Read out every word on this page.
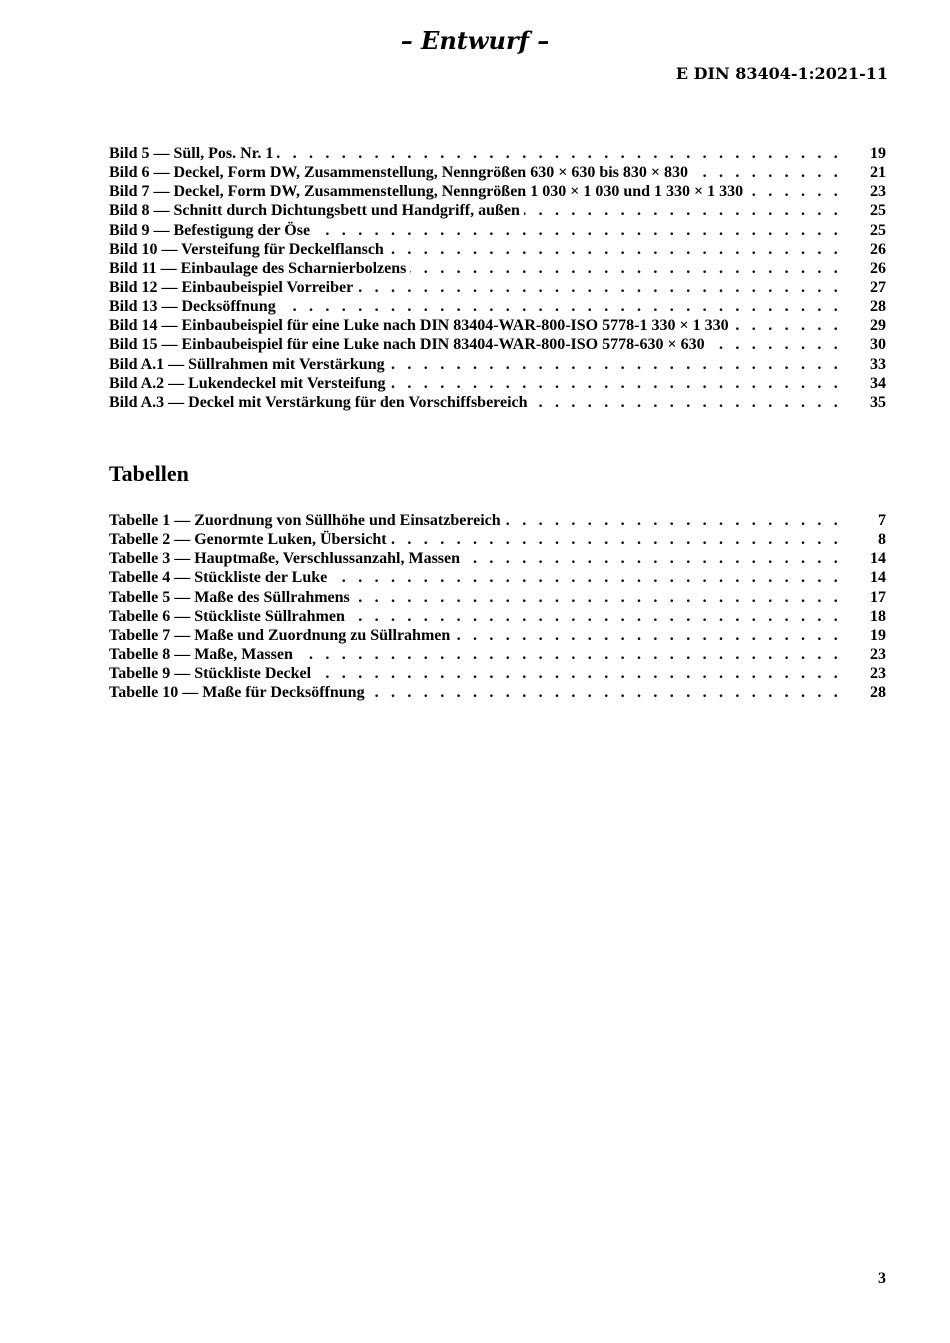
– Entwurf –
E DIN 83404-1:2021-11
Bild 5 — Süll, Pos. Nr. 1 . . .	19
Bild 6 — Deckel, Form DW, Zusammenstellung, Nenngrößen 630 × 630 bis 830 × 830 . . .	21
Bild 7 — Deckel, Form DW, Zusammenstellung, Nenngrößen 1 030 × 1 030 und 1 330 × 1 330 . . .	23
Bild 8 — Schnitt durch Dichtungsbett und Handgriff, außen . . .	25
Bild 9 — Befestigung der Öse . . .	25
Bild 10 — Versteifung für Deckelflansch . . .	26
Bild 11 — Einbaulage des Scharnierbolzens . . .	26
Bild 12 — Einbaubeispiel Vorreiber . . .	27
Bild 13 — Decksöffnung . . .	28
Bild 14 — Einbaubeispiel für eine Luke nach DIN 83404-WAR-800-ISO 5778-1 330 × 1 330 . . .	29
Bild 15 — Einbaubeispiel für eine Luke nach DIN 83404-WAR-800-ISO 5778-630 × 630 . . .	30
Bild A.1 — Süllrahmen mit Verstärkung . . .	33
Bild A.2 — Lukendeckel mit Versteifung . . .	34
Bild A.3 — Deckel mit Verstärkung für den Vorschiffsbereich . . .	35
Tabellen
Tabelle 1 — Zuordnung von Süllhöhe und Einsatzbereich . . .	7
Tabelle 2 — Genormte Luken, Übersicht . . .	8
Tabelle 3 — Hauptmaße, Verschlussanzahl, Massen . . .	14
Tabelle 4 — Stückliste der Luke . . .	14
Tabelle 5 — Maße des Süllrahmens . . .	17
Tabelle 6 — Stückliste Süllrahmen . . .	18
Tabelle 7 — Maße und Zuordnung zu Süllrahmen . . .	19
Tabelle 8 — Maße, Massen . . .	23
Tabelle 9 — Stückliste Deckel . . .	23
Tabelle 10 — Maße für Decksöffnung . . .	28
3
